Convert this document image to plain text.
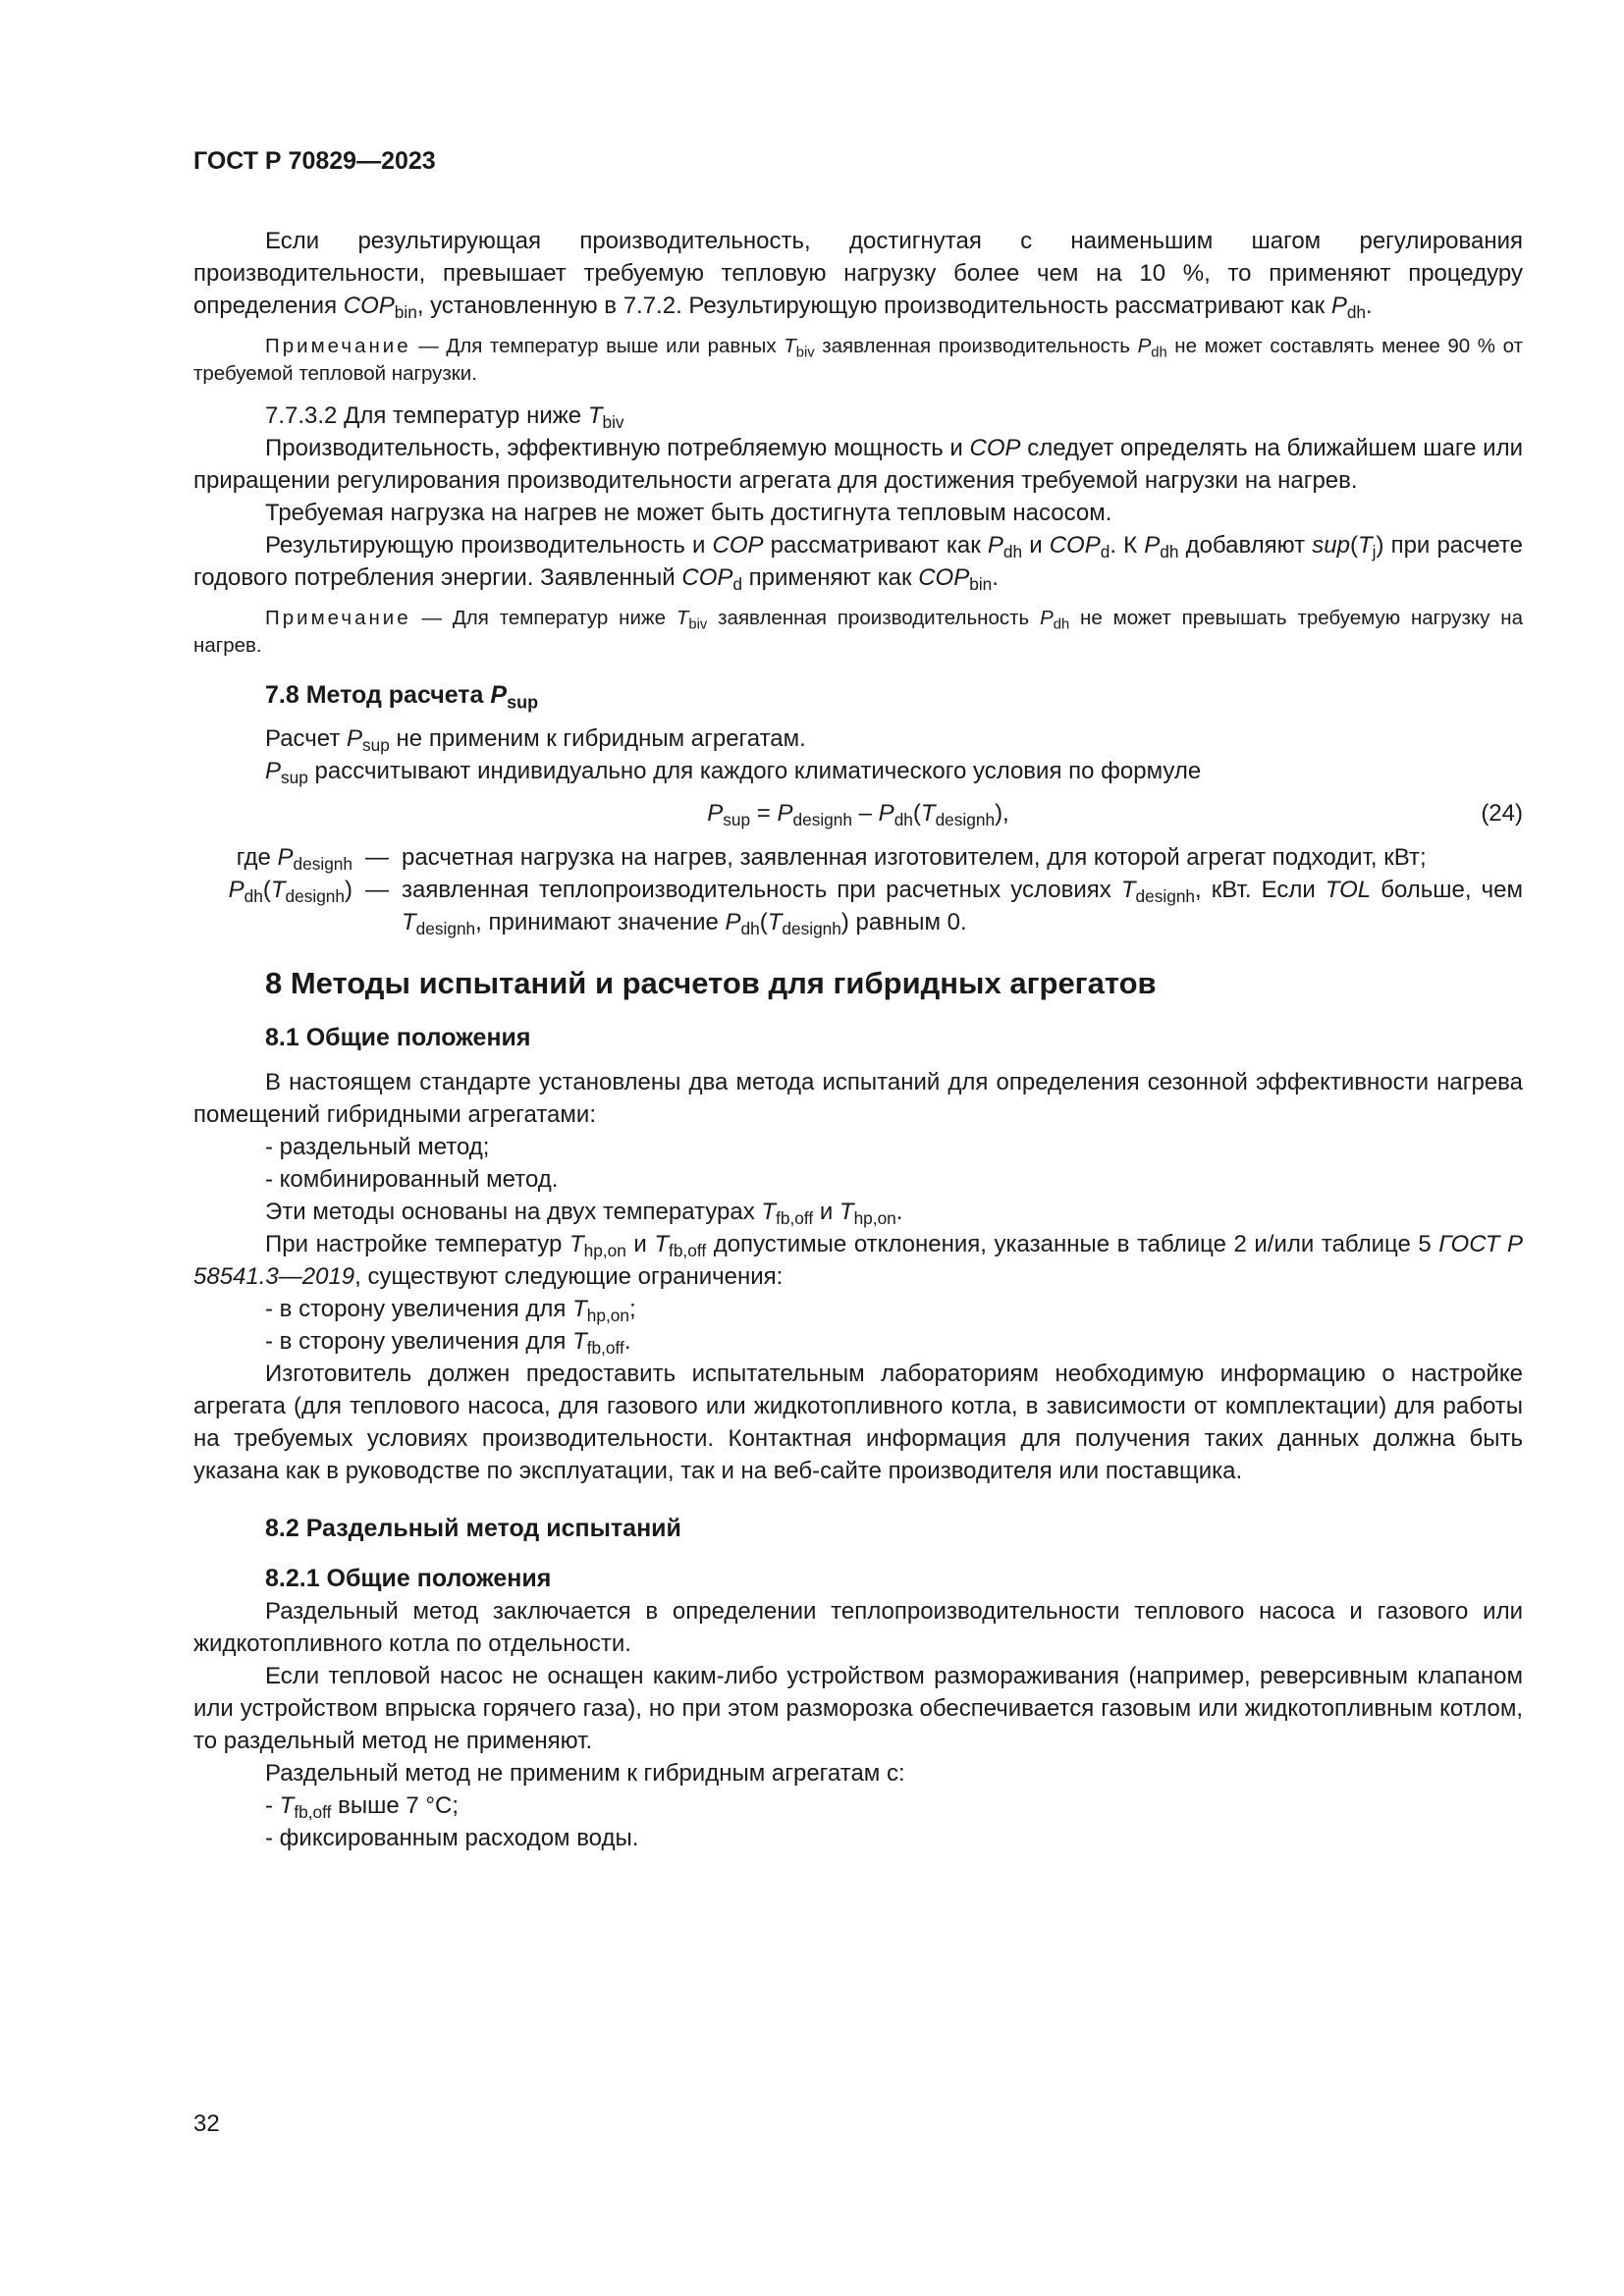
ГОСТ Р 70829—2023

Если результирующая производительность, достигнутая с наименьшим шагом регулирования производительности, превышает требуемую тепловую нагрузку более чем на 10 %, то применяют процедуру определения $COP_{bin}$, установленную в 7.7.2. Результирующую производительность рассматривают как $P_{dh}$.

Примечание — Для температур выше или равных $T_{biv}$ заявленная производительность $P_{dh}$ не может составлять менее 90 % от требуемой тепловой нагрузки.

7.7.3.2 Для температур ниже $T_{biv}$

Производительность, эффективную потребляемую мощность и COP следует определять на ближайшем шаге или приращении регулирования производительности агрегата для достижения требуемой нагрузки на нагрев.

Требуемая нагрузка на нагрев не может быть достигнута тепловым насосом.

Результирующую производительность и COP рассматривают как $P_{dh}$ и $COP_d$. К $P_{dh}$ добавляют $sup(T_j)$ при расчете годового потребления энергии. Заявленный $COP_d$ применяют как $COP_{bin}$.

Примечание — Для температур ниже $T_{biv}$ заявленная производительность $P_{dh}$ не может превышать требуемую нагрузку на нагрев.

7.8 Метод расчета $P_{sup}$

Расчет $P_{sup}$ не применим к гибридным агрегатам.

$P_{sup}$ рассчитывают индивидуально для каждого климатического условия по формуле

$P_{sup} = P_{designh} - P_{dh}(T_{designh})$,	(24)
где $P_{designh}$ — расчетная нагрузка на нагрев, заявленная изготовителем, для которой агрегат подходит, кВт;
$P_{dh}(T_{designh})$ — заявленная теплопроизводительность при расчетных условиях $T_{designh}$, кВт. Если TOL больше, чем $T_{designh}$, принимают значение $P_{dh}(T_{designh})$ равным 0.

8 Методы испытаний и расчетов для гибридных агрегатов

8.1 Общие положения

В настоящем стандарте установлены два метода испытаний для определения сезонной эффективности нагрева помещений гибридными агрегатами:

- раздельный метод;

- комбинированный метод.

Эти методы основаны на двух температурах $T_{fb,off}$ и $T_{hp,on}$.

При настройке температур $T_{hp,on}$ и $T_{fb,off}$ допустимые отклонения, указанные в таблице 2 и/или таблице 5 ГОСТ Р 58541.3—2019, существуют следующие ограничения:

- в сторону увеличения для $T_{hp,on}$;

- в сторону увеличения для $T_{fb,off}$.

Изготовитель должен предоставить испытательным лабораториям необходимую информацию о настройке агрегата (для теплового насоса, для газового или жидкотопливного котла, в зависимости от комплектации) для работы на требуемых условиях производительности. Контактная информация для получения таких данных должна быть указана как в руководстве по эксплуатации, так и на веб-сайте производителя или поставщика.

8.2 Раздельный метод испытаний

8.2.1 Общие положения

Раздельный метод заключается в определении теплопроизводительности теплового насоса и газового или жидкотопливного котла по отдельности.

Если тепловой насос не оснащен каким-либо устройством размораживания (например, реверсивным клапаном или устройством впрыска горячего газа), но при этом разморозка обеспечивается газовым или жидкотопливным котлом, то раздельный метод не применяют.

Раздельный метод не применим к гибридным агрегатам с:

- $T_{fb,off}$ выше 7 °С;

- фиксированным расходом воды.

32
